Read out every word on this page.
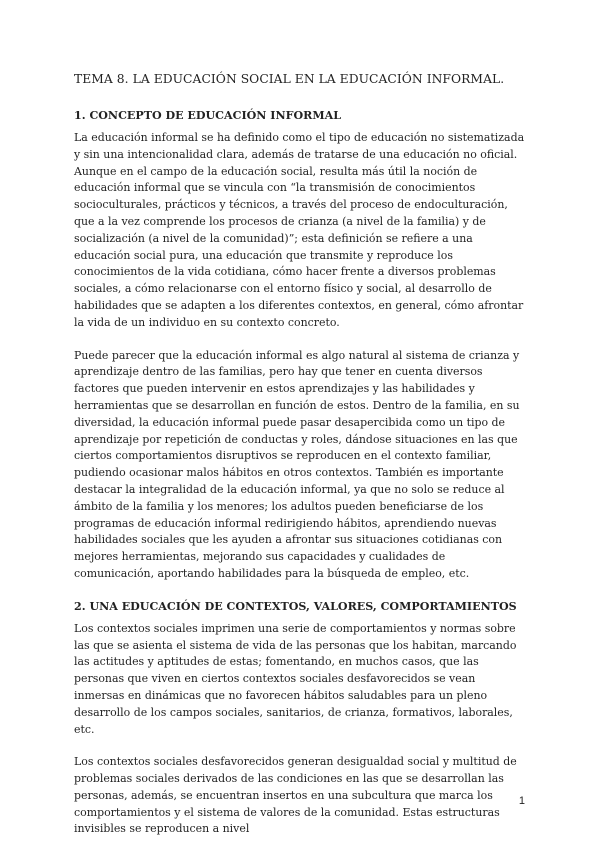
TEMA 8. LA EDUCACIÓN SOCIAL EN LA EDUCACIÓN INFORMAL.
1. CONCEPTO DE EDUCACIÓN INFORMAL

La educación informal se ha definido como el tipo de educación no sistematizada y sin una intencionalidad clara, además de tratarse de una educación no oficial. Aunque en el campo de la educación social, resulta más útil la noción de educación informal que se vincula con “la transmisión de conocimientos socioculturales, prácticos y técnicos, a través del proceso de endoculturación, que a la vez comprende los procesos de crianza (a nivel de la familia) y de socialización (a nivel de la comunidad)”; esta definición se refiere a una educación social pura, una educación que transmite y reproduce los conocimientos de la vida cotidiana, cómo hacer frente a diversos problemas sociales, a cómo relacionarse con el entorno físico y social, al desarrollo de habilidades que se adapten a los diferentes contextos, en general, cómo afrontar la vida de un individuo en su contexto concreto.

Puede parecer que la educación informal es algo natural al sistema de crianza y aprendizaje dentro de las familias, pero hay que tener en cuenta diversos factores que pueden intervenir en estos aprendizajes y las habilidades y herramientas que se desarrollan en función de estos. Dentro de la familia, en su diversidad, la educación informal puede pasar desapercibida como un tipo de aprendizaje por repetición de conductas y roles, dándose situaciones en las que ciertos comportamientos disruptivos se reproducen en el contexto familiar, pudiendo ocasionar malos hábitos en otros contextos. También es importante destacar la integralidad de la educación informal, ya que no solo se reduce al ámbito de la familia y los menores; los adultos pueden beneficiarse de los programas de educación informal redirigiendo hábitos, aprendiendo nuevas habilidades sociales que les ayuden a afrontar sus situaciones cotidianas con mejores herramientas, mejorando sus capacidades y cualidades de comunicación, aportando habilidades para la búsqueda de empleo, etc.

2. UNA EDUCACIÓN DE CONTEXTOS, VALORES, COMPORTAMIENTOS

Los contextos sociales imprimen una serie de comportamientos y normas sobre las que se asienta el sistema de vida de las personas que los habitan, marcando las actitudes y aptitudes de estas; fomentando, en muchos casos, que las personas que viven en ciertos contextos sociales desfavorecidos se vean inmersas en dinámicas que no favorecen hábitos saludables para un pleno desarrollo de los campos sociales, sanitarios, de crianza, formativos, laborales, etc.

Los contextos sociales desfavorecidos generan desigualdad social y multitud de problemas sociales derivados de las condiciones en las que se desarrollan las personas, además, se encuentran insertos en una subcultura que marca los comportamientos y el sistema de valores de la comunidad. Estas estructuras invisibles se reproducen a nivel

1
